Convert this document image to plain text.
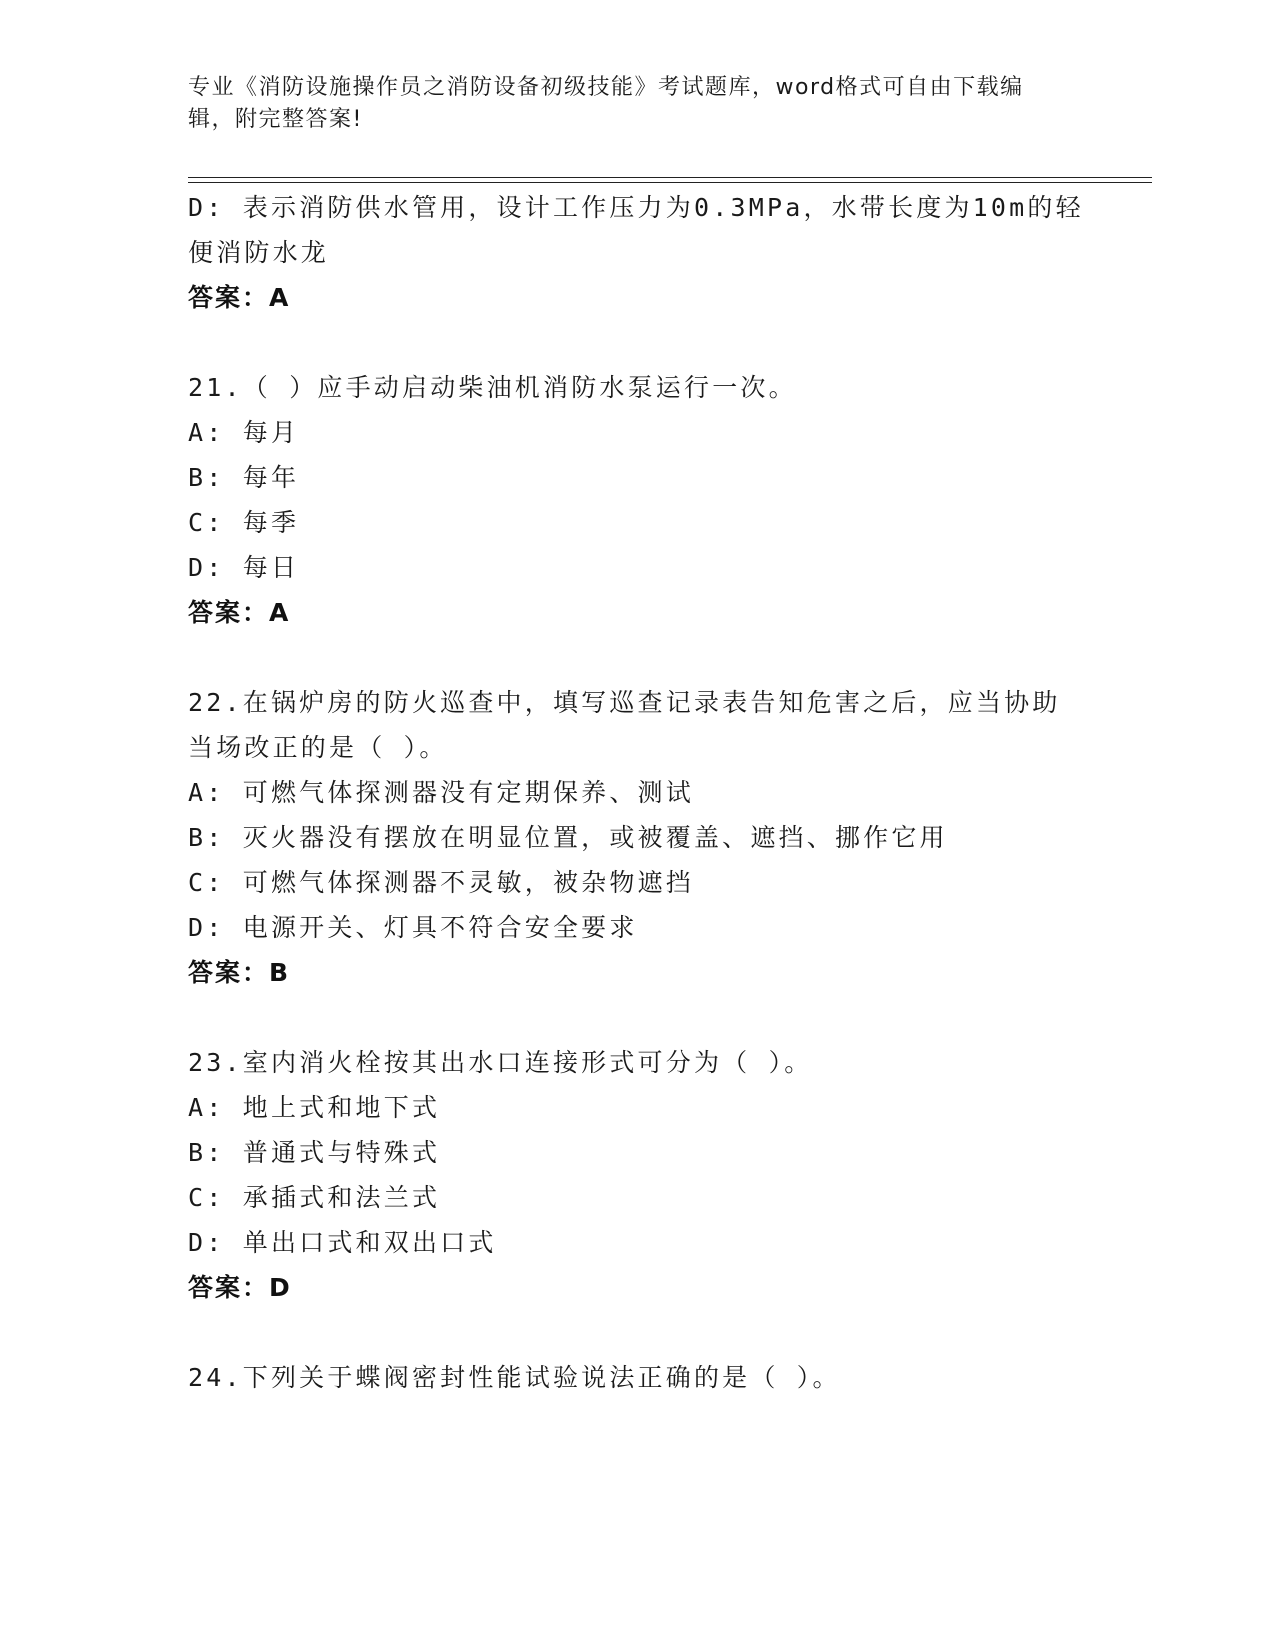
专业《消防设施操作员之消防设备初级技能》考试题库，word格式可自由下载编
辑，附完整答案!
D: 表示消防供水管用，设计工作压力为0.3MPa，水带长度为10m的轻
便消防水龙
答案：A
21.（ ）应手动启动柴油机消防水泵运行一次。
A: 每月
B: 每年
C: 每季
D: 每日
答案：A
22.在锅炉房的防火巡查中，填写巡查记录表告知危害之后，应当协助
当场改正的是（ ）。
A: 可燃气体探测器没有定期保养、测试
B: 灭火器没有摆放在明显位置，或被覆盖、遮挡、挪作它用
C: 可燃气体探测器不灵敏，被杂物遮挡
D: 电源开关、灯具不符合安全要求
答案：B
23.室内消火栓按其出水口连接形式可分为（ ）。
A: 地上式和地下式
B: 普通式与特殊式
C: 承插式和法兰式
D: 单出口式和双出口式
答案：D
24.下列关于蝶阀密封性能试验说法正确的是（ ）。
